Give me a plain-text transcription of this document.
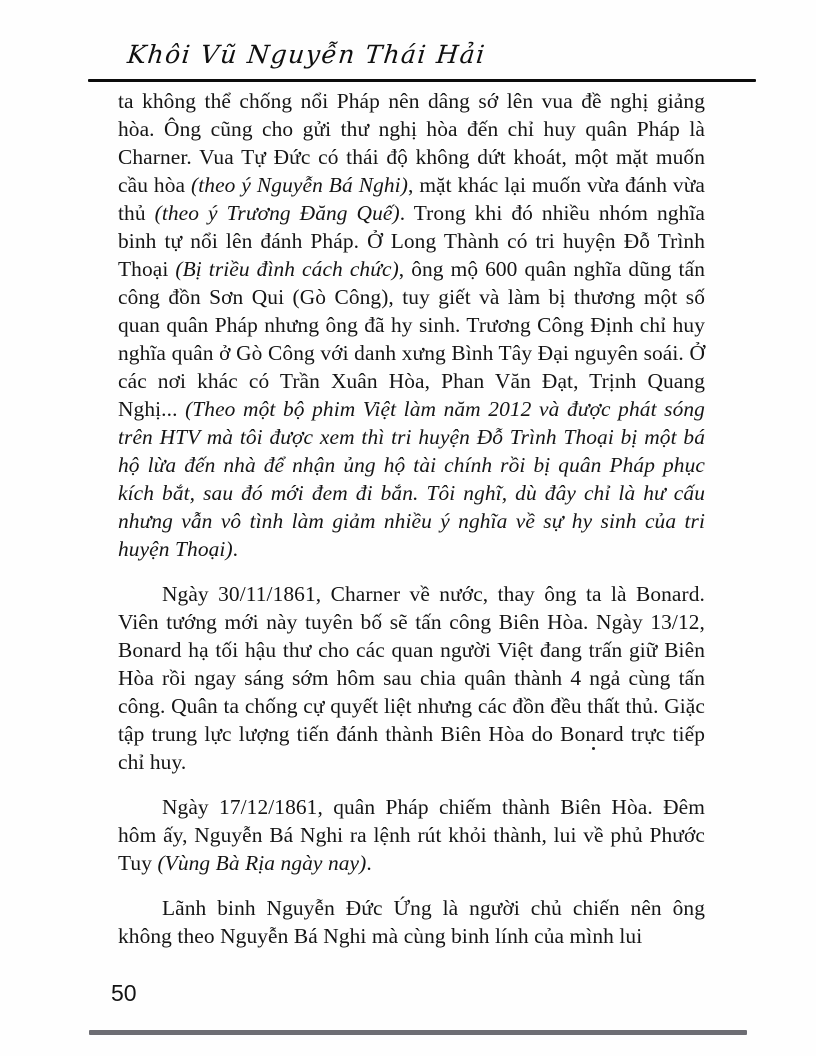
Khôi Vũ Nguyễn Thái Hải

ta không thể chống nổi Pháp nên dâng sớ lên vua đề nghị giảng hòa. Ông cũng cho gửi thư nghị hòa đến chỉ huy quân Pháp là Charner. Vua Tự Đức có thái độ không dứt khoát, một mặt muốn cầu hòa (theo ý Nguyễn Bá Nghi), mặt khác lại muốn vừa đánh vừa thủ (theo ý Trương Đăng Quế). Trong khi đó nhiều nhóm nghĩa binh tự nổi lên đánh Pháp. Ở Long Thành có tri huyện Đỗ Trình Thoại (Bị triều đình cách chức), ông mộ 600 quân nghĩa dũng tấn công đồn Sơn Qui (Gò Công), tuy giết và làm bị thương một số quan quân Pháp nhưng ông đã hy sinh. Trương Công Định chỉ huy nghĩa quân ở Gò Công với danh xưng Bình Tây Đại nguyên soái. Ở các nơi khác có Trần Xuân Hòa, Phan Văn Đạt, Trịnh Quang Nghị... (Theo một bộ phim Việt làm năm 2012 và được phát sóng trên HTV mà tôi được xem thì tri huyện Đỗ Trình Thoại bị một bá hộ lừa đến nhà để nhận ủng hộ tài chính rồi bị quân Pháp phục kích bắt, sau đó mới đem đi bắn. Tôi nghĩ, dù đây chỉ là hư cấu nhưng vẫn vô tình làm giảm nhiều ý nghĩa về sự hy sinh của tri huyện Thoại).

Ngày 30/11/1861, Charner về nước, thay ông ta là Bonard. Viên tướng mới này tuyên bố sẽ tấn công Biên Hòa. Ngày 13/12, Bonard hạ tối hậu thư cho các quan người Việt đang trấn giữ Biên Hòa rồi ngay sáng sớm hôm sau chia quân thành 4 ngả cùng tấn công. Quân ta chống cự quyết liệt nhưng các đồn đều thất thủ. Giặc tập trung lực lượng tiến đánh thành Biên Hòa do Bonard trực tiếp chỉ huy.

Ngày 17/12/1861, quân Pháp chiếm thành Biên Hòa. Đêm hôm ấy, Nguyễn Bá Nghi ra lệnh rút khỏi thành, lui về phủ Phước Tuy (Vùng Bà Rịa ngày nay).

Lãnh binh Nguyễn Đức Ứng là người chủ chiến nên ông không theo Nguyễn Bá Nghi mà cùng binh lính của mình lui

50
